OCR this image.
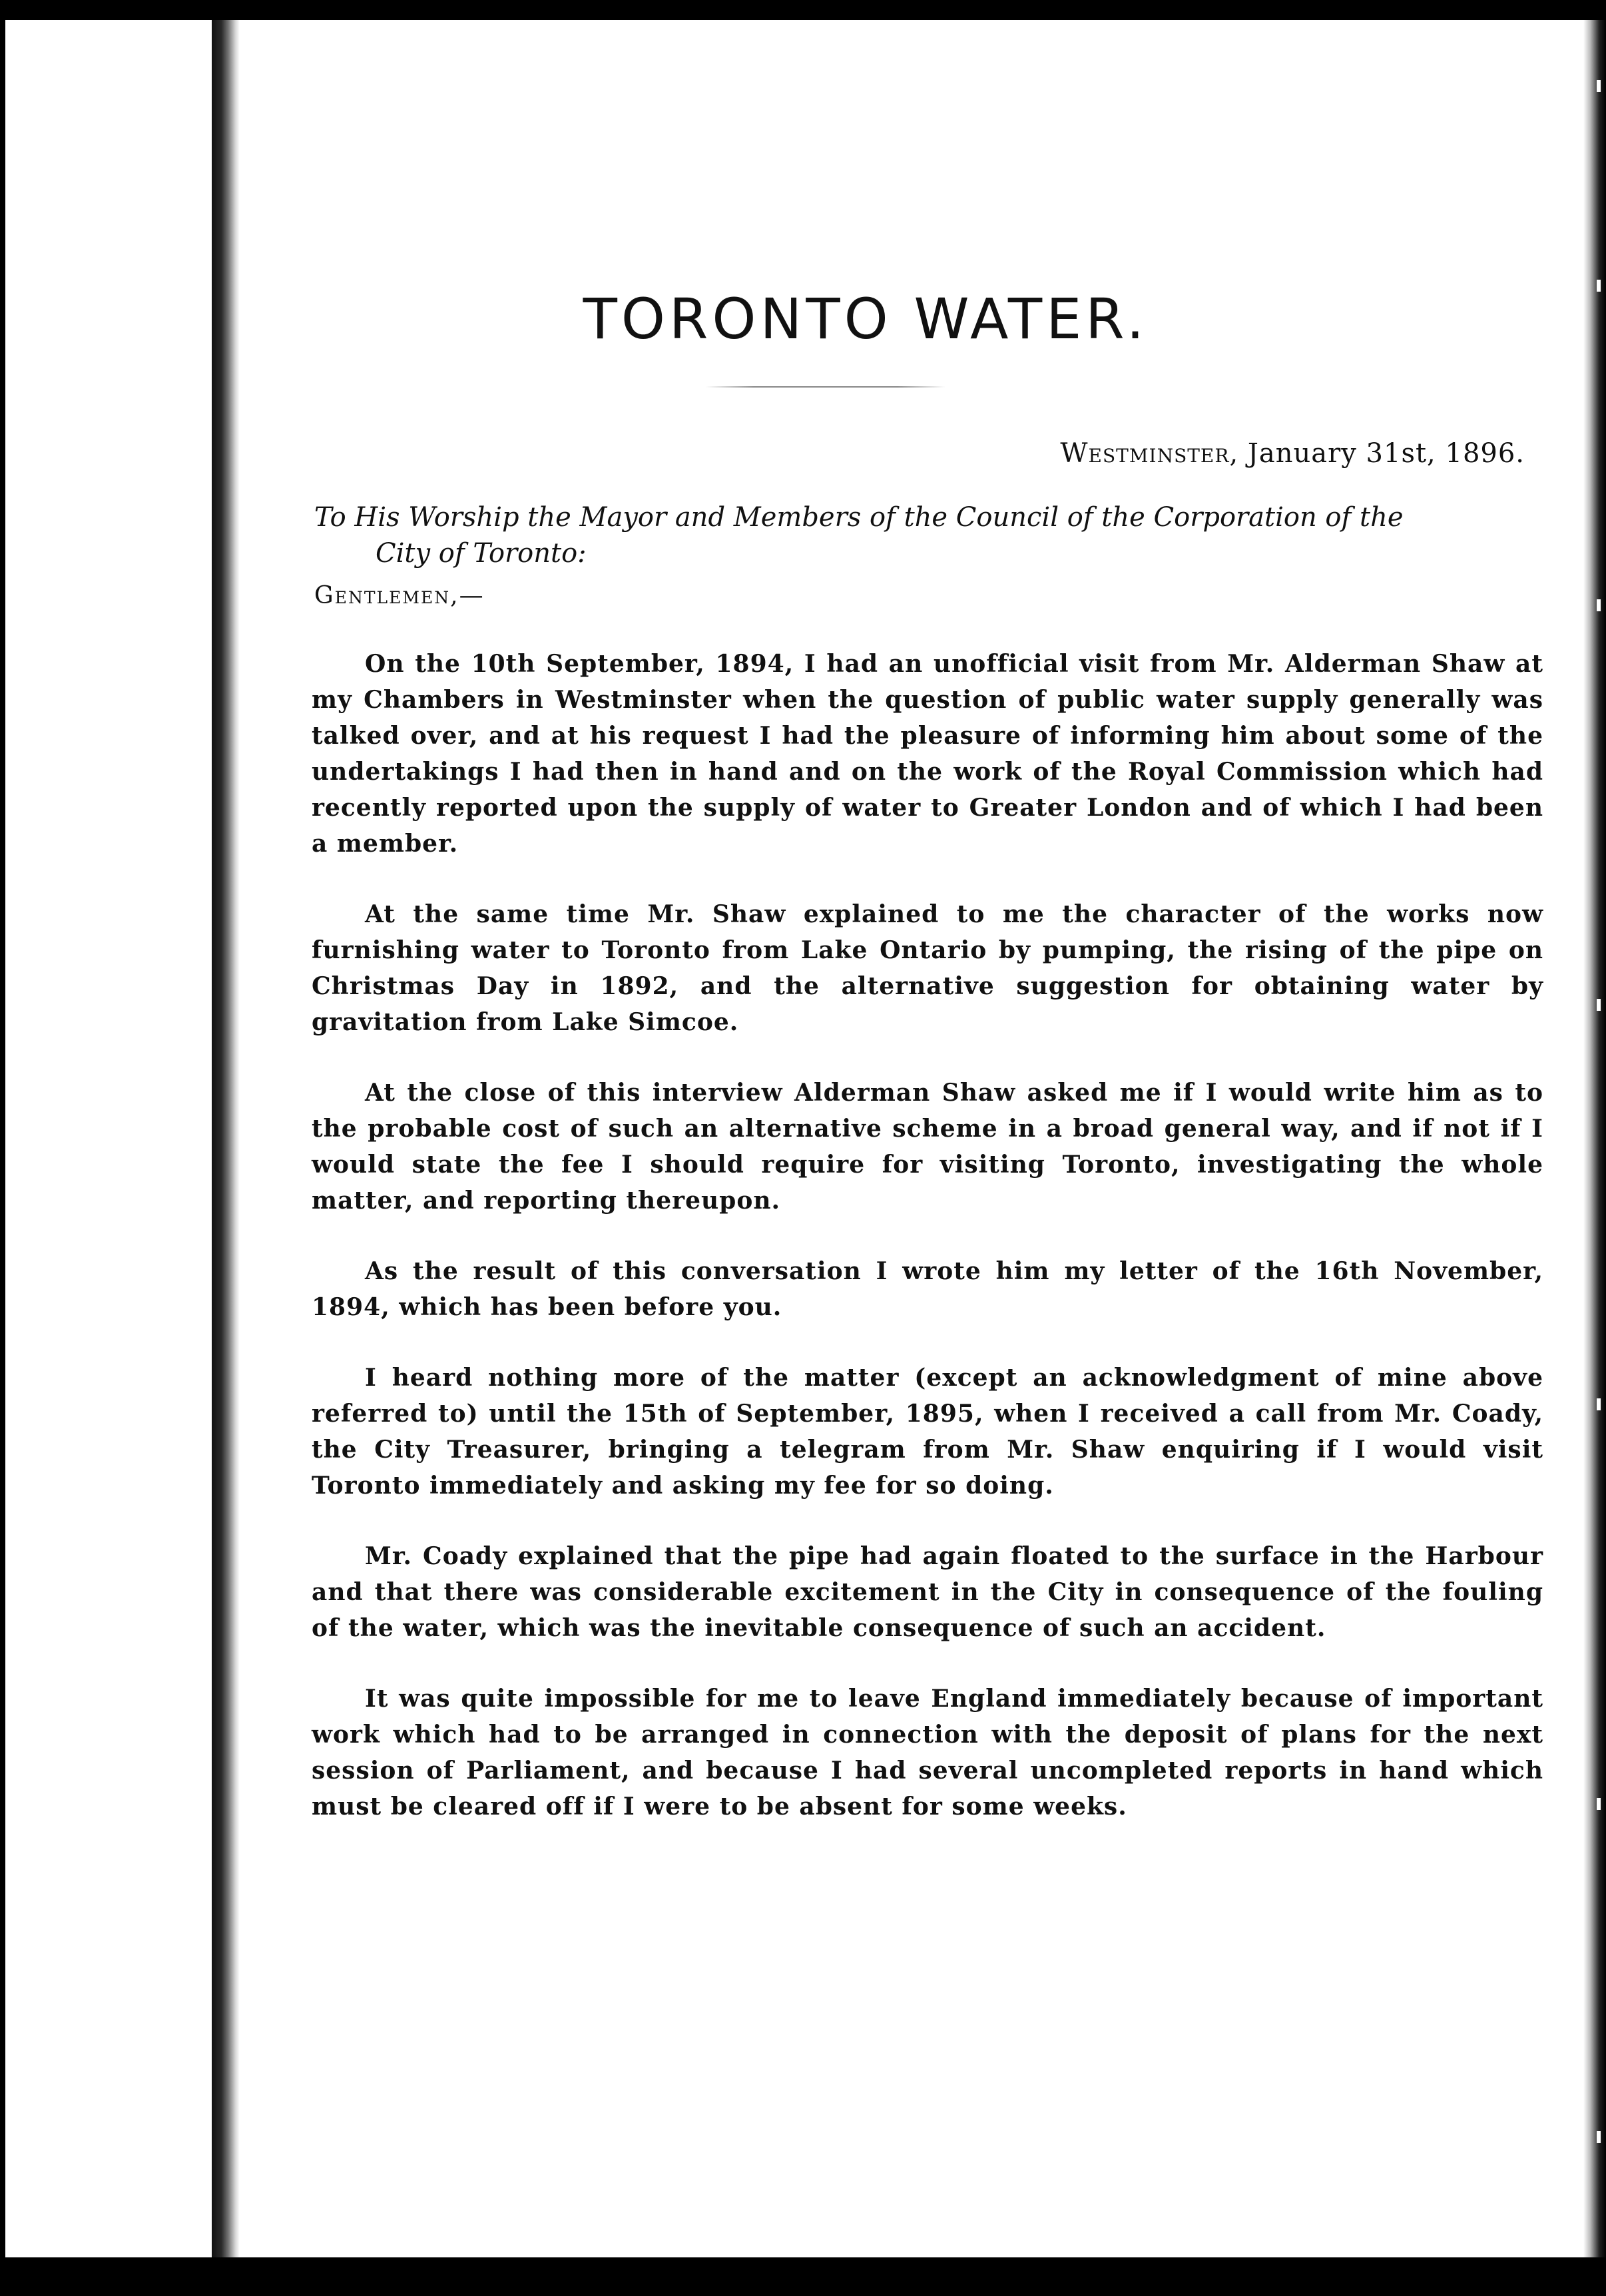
TORONTO WATER.
Westminster, January 31st, 1896.
To His Worship the Mayor and Members of the Council of the Corporation of the
City of Toronto:
Gentlemen,—

On the 10th September, 1894, I had an unofficial visit from Mr. Alderman Shaw at my Chambers in Westminster when the question of public water supply generally was talked over, and at his request I had the pleasure of informing him about some of the undertakings I had then in hand and on the work of the Royal Commission which had recently reported upon the supply of water to Greater London and of which I had been a member.

At the same time Mr. Shaw explained to me the character of the works now furnishing water to Toronto from Lake Ontario by pumping, the rising of the pipe on Christmas Day in 1892, and the alternative suggestion for obtaining water by gravitation from Lake Simcoe.

At the close of this interview Alderman Shaw asked me if I would write him as to the probable cost of such an alternative scheme in a broad general way, and if not if I would state the fee I should require for visiting Toronto, investigating the whole matter, and reporting thereupon.

As the result of this conversation I wrote him my letter of the 16th November, 1894, which has been before you.

I heard nothing more of the matter (except an acknowledgment of mine above referred to) until the 15th of September, 1895, when I received a call from Mr. Coady, the City Treasurer, bringing a telegram from Mr. Shaw enquiring if I would visit Toronto immediately and asking my fee for so doing.

Mr. Coady explained that the pipe had again floated to the surface in the Harbour and that there was considerable excitement in the City in consequence of the fouling of the water, which was the inevitable consequence of such an accident.

It was quite impossible for me to leave England immediately because of important work which had to be arranged in connection with the deposit of plans for the next session of Parliament, and because I had several uncompleted reports in hand which must be cleared off if I were to be absent for some weeks.
